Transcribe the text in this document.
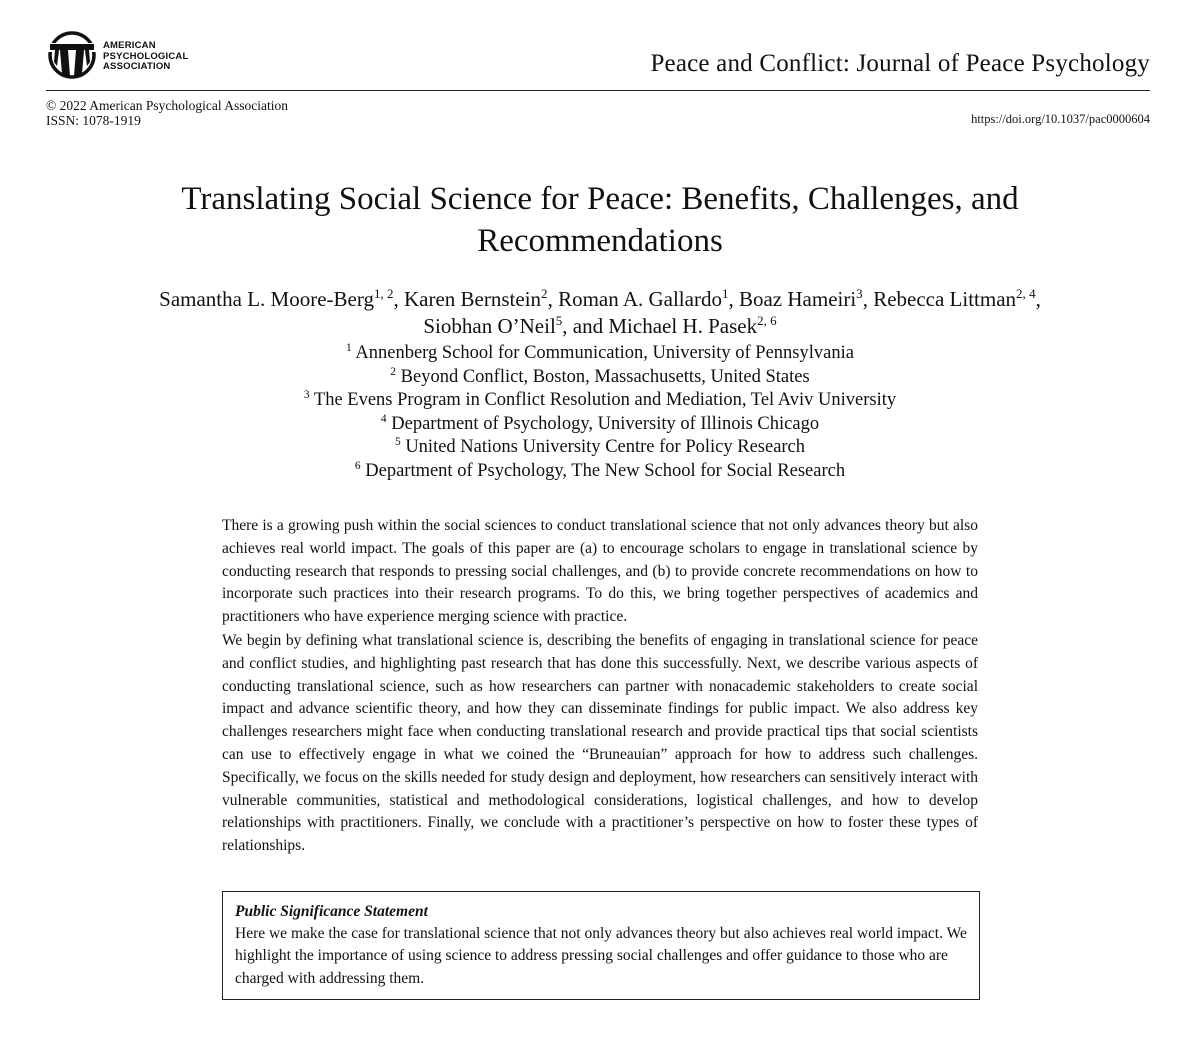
AMERICAN
PSYCHOLOGICAL
ASSOCIATION	Peace and Conflict: Journal of Peace Psychology
© 2022 American Psychological Association
ISSN: 1078-1919	https://doi.org/10.1037/pac0000604
Translating Social Science for Peace: Benefits, Challenges, and Recommendations
Samantha L. Moore-Berg$^{1, 2}$, Karen Bernstein$^2$, Roman A. Gallardo$^1$, Boaz Hameiri$^3$, Rebecca Littman$^{2, 4}$,
Siobhan O’Neil$^5$, and Michael H. Pasek$^{2, 6}$
$^1$ Annenberg School for Communication, University of Pennsylvania
$^2$ Beyond Conflict, Boston, Massachusetts, United States
$^3$ The Evens Program in Conflict Resolution and Mediation, Tel Aviv University
$^4$ Department of Psychology, University of Illinois Chicago
$^5$ United Nations University Centre for Policy Research
$^6$ Department of Psychology, The New School for Social Research

There is a growing push within the social sciences to conduct translational science that not only advances theory but also achieves real world impact. The goals of this paper are (a) to encourage scholars to engage in translational science by conducting research that responds to pressing social challenges, and (b) to provide concrete recommendations on how to incorporate such practices into their research programs. To do this, we bring together perspectives of academics and practitioners who have experience merging science with practice.

We begin by defining what translational science is, describing the benefits of engaging in translational science for peace and conflict studies, and highlighting past research that has done this successfully. Next, we describe various aspects of conducting translational science, such as how researchers can partner with nonacademic stakeholders to create social impact and advance scientific theory, and how they can disseminate findings for public impact. We also address key challenges researchers might face when conducting translational research and provide practical tips that social scientists can use to effectively engage in what we coined the “Bruneauian” approach for how to address such challenges. Specifically, we focus on the skills needed for study design and deployment, how researchers can sensitively interact with vulnerable communities, statistical and methodological considerations, logistical challenges, and how to develop relationships with practitioners. Finally, we conclude with a practitioner’s perspective on how to foster these types of relationships.

Public Significance Statement
Here we make the case for translational science that not only advances theory but also achieves real world impact. We highlight the importance of using science to address pressing social challenges and offer guidance to those who are charged with addressing them.
